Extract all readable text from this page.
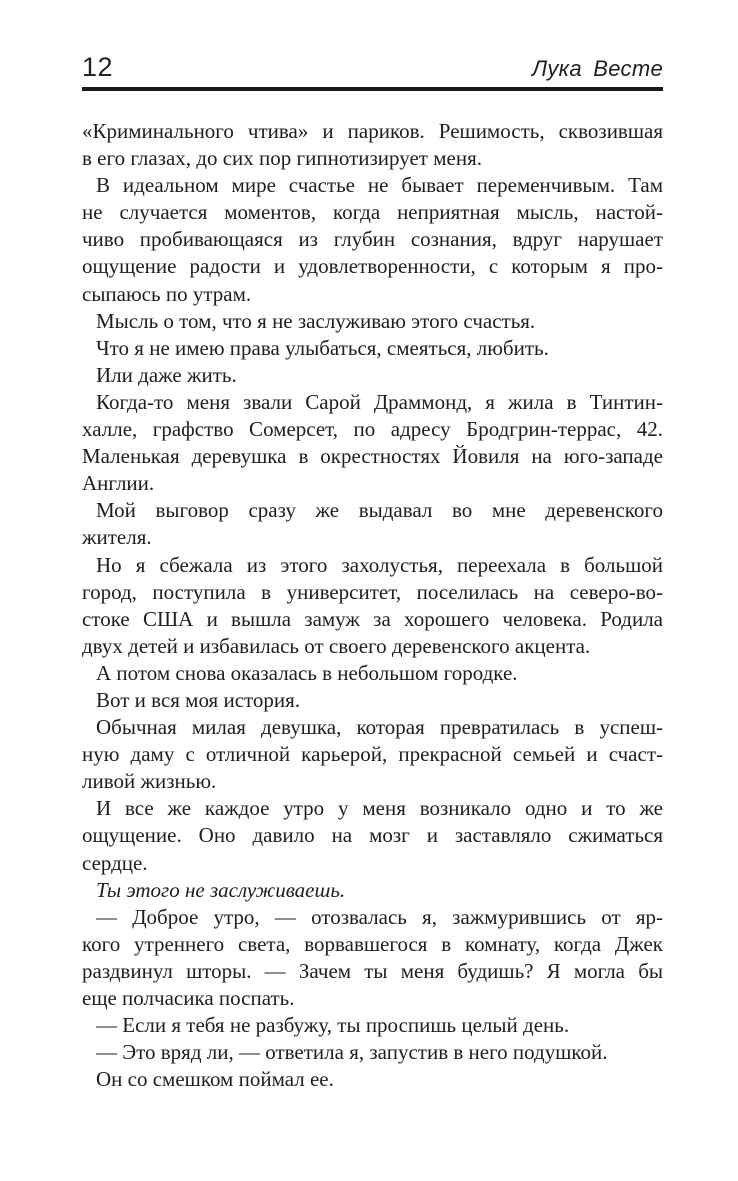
12	Лука Весте
«Криминального чтива» и париков. Решимость, сквозившая
в его глазах, до сих пор гипнотизирует меня.
В идеальном мире счастье не бывает переменчивым. Там
не случается моментов, когда неприятная мысль, настой-
чиво пробивающаяся из глубин сознания, вдруг нарушает
ощущение радости и удовлетворенности, с которым я про-
сыпаюсь по утрам.
Мысль о том, что я не заслуживаю этого счастья.
Что я не имею права улыбаться, смеяться, любить.
Или даже жить.
Когда-то меня звали Сарой Драммонд, я жила в Тинтин-
халле, графство Сомерсет, по адресу Бродгрин-террас, 42.
Маленькая деревушка в окрестностях Йовиля на юго-западе
Англии.
Мой выговор сразу же выдавал во мне деревенского
жителя.
Но я сбежала из этого захолустья, переехала в большой
город, поступила в университет, поселилась на северо-во-
стоке США и вышла замуж за хорошего человека. Родила
двух детей и избавилась от своего деревенского акцента.
А потом снова оказалась в небольшом городке.
Вот и вся моя история.
Обычная милая девушка, которая превратилась в успеш-
ную даму с отличной карьерой, прекрасной семьей и счаст-
ливой жизнью.
И все же каждое утро у меня возникало одно и то же
ощущение. Оно давило на мозг и заставляло сжиматься
сердце.
Ты этого не заслуживаешь.
— Доброе утро, — отозвалась я, зажмурившись от яр-
кого утреннего света, ворвавшегося в комнату, когда Джек
раздвинул шторы. — Зачем ты меня будишь? Я могла бы
еще полчасика поспать.
— Если я тебя не разбужу, ты проспишь целый день.
— Это вряд ли, — ответила я, запустив в него подушкой.
Он со смешком поймал ее.
